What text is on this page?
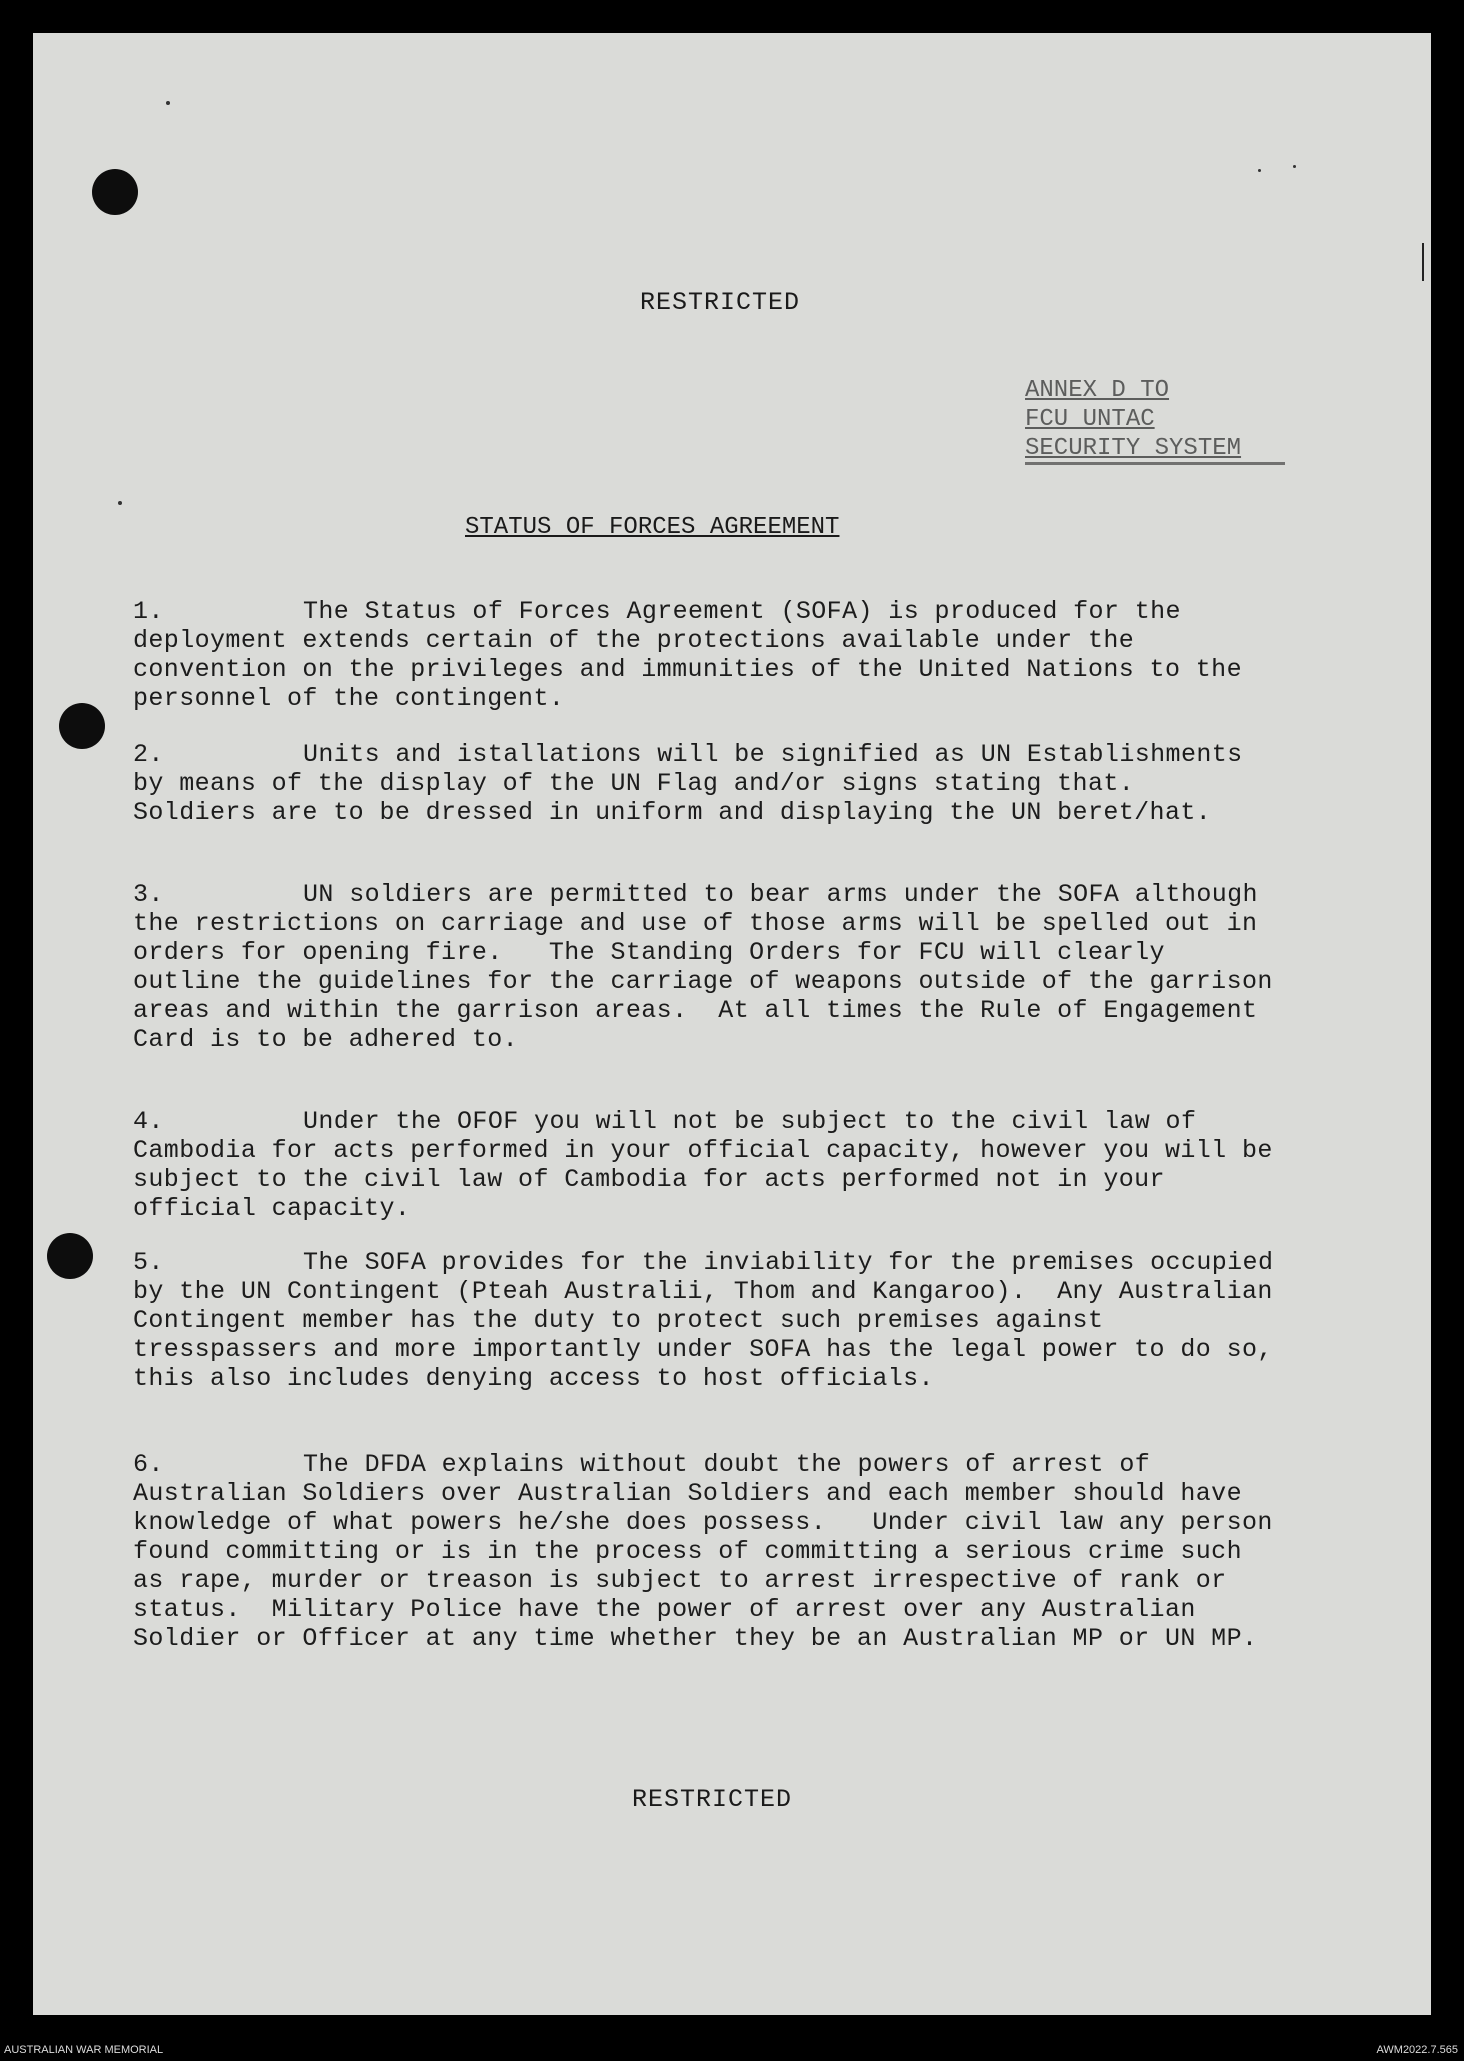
RESTRICTED
ANNEX D TO
FCU UNTAC
SECURITY SYSTEM
STATUS OF FORCES AGREEMENT
1.	The Status of Forces Agreement (SOFA) is produced for the deployment extends certain of the protections available under the convention on the privileges and immunities of the United Nations to the personnel of the contingent.
2.	Units and istallations will be signified as UN Establishments by means of the display of the UN Flag and/or signs stating that.  Soldiers are to be dressed in uniform and displaying the UN beret/hat.
3.	UN soldiers are permitted to bear arms under the SOFA although the restrictions on carriage and use of those arms will be spelled out in orders for opening fire.   The Standing Orders for FCU will clearly outline the guidelines for the carriage of weapons outside of the garrison areas and within the garrison areas.  At all times the Rule of Engagement Card is to be adhered to.
4.	Under the OFOF you will not be subject to the civil law of Cambodia for acts performed in your official capacity, however you will be subject to the civil law of Cambodia for acts performed not in your official capacity.
5.	The SOFA provides for the inviability for the premises occupied by the UN Contingent (Pteah Australii, Thom and Kangaroo).  Any Australian Contingent member has the duty to protect such premises against tresspassers and more importantly under SOFA has the legal power to do so, this also includes denying access to host officials.
6.	The DFDA explains without doubt the powers of arrest of Australian Soldiers over Australian Soldiers and each member should have knowledge of what powers he/she does possess.   Under civil law any person found committing or is in the process of committing a serious crime such as rape, murder or treason is subject to arrest irrespective of rank or status.  Military Police have the power of arrest over any Australian Soldier or Officer at any time whether they be an Australian MP or UN MP.
RESTRICTED
AUSTRALIAN WAR MEMORIAL	AWM2022.7.565
